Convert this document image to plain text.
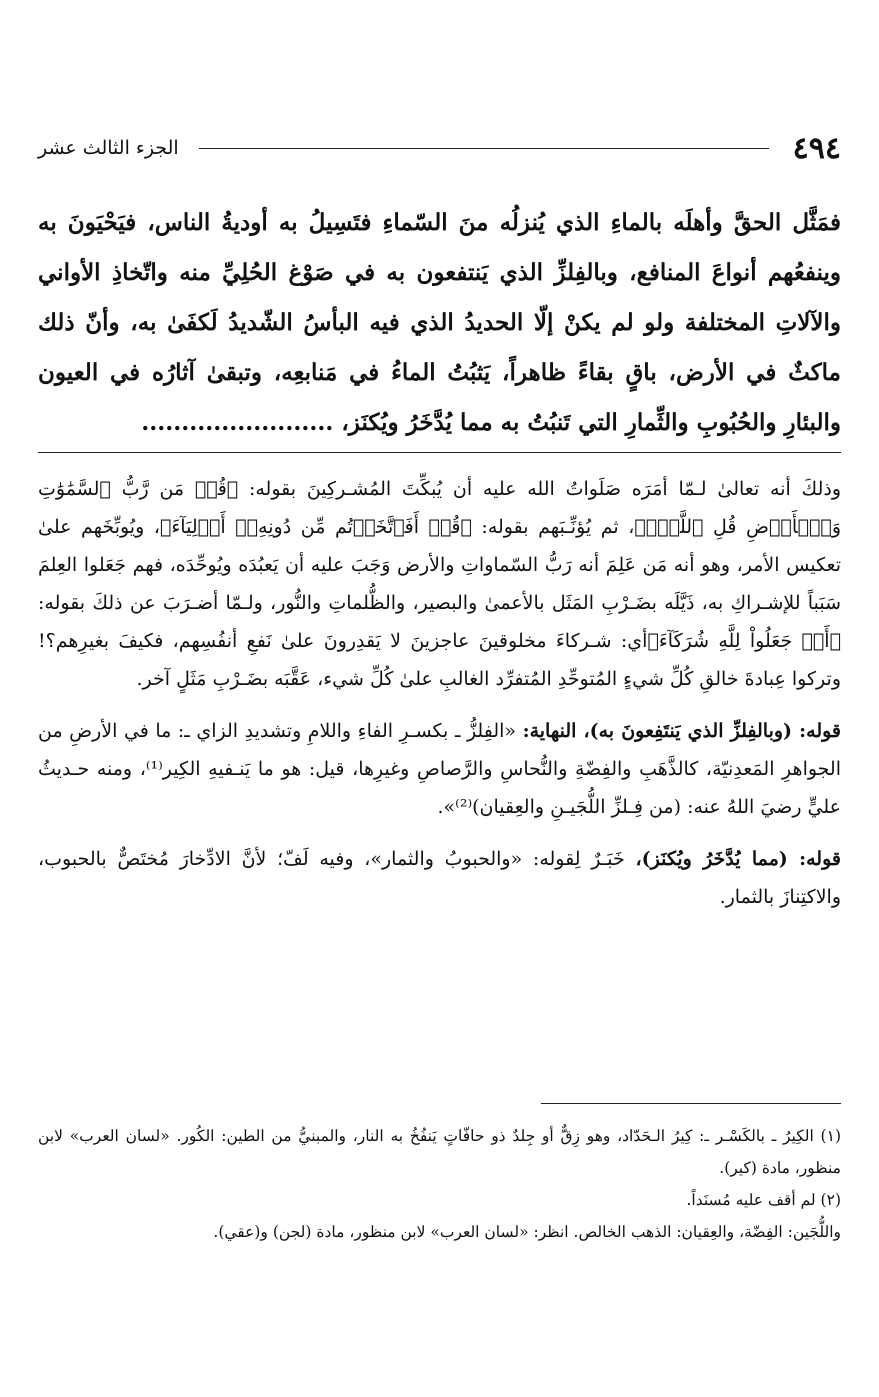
٤٩٤
الجزء الثالث عشر

فمَثَّل الحقَّ وأهلَه بالماءِ الذي يُنزلُه منَ السّماءِ فتَسِيلُ به أوديةُ الناس، فيَحْيَونَ به وينفعُهم أنواعَ المنافع، وبالفِلزِّ الذي يَنتفعون به في صَوْغ الحُلِيِّ منه واتّخاذِ الأواني والآلاتِ المختلفة ولو لم يكنْ إلّا الحديدُ الذي فيه البأسُ الشّديدُ لَكفَىٰ به، وأنّ ذلك ماكثٌ في الأرض، باقٍ بقاءً ظاهراً، يَثبُتُ الماءُ في مَنابعِه، وتبقىٰ آثارُه في العيون والبئارِ والحُبُوبِ والثِّمارِ التي تَنبُتُ به مما يُدَّخَرُ ويُكنَز، ........................

وذلكَ أنه تعالىٰ لـمّا أمَرَه صَلَواتُ الله عليه أن يُبكِّتَ المُشـركِينَ بقوله: ﴿قُلۡ مَن رَّبُّ ٱلسَّمَٰوَٰتِ وَٱلۡأَرۡضِ قُلِ ٱللَّهُۚ﴾، ثم يُؤنِّـبَهم بقوله: ﴿قُلۡ أَفَٱتَّخَذۡتُم مِّن دُونِهِۦٓ أَوۡلِيَآءَ﴾، ويُوبِّخَهم علىٰ تعكيس الأمر، وهو أنه مَن عَلِمَ أنه رَبُّ السّماواتِ والأرض وَجَبَ عليه أن يَعبُدَه ويُوحِّدَه، فهم جَعَلوا العِلمَ سَبَباً للإشـراكِ به، ذَيَّلَه بضَـرْبِ المَثَل بالأعمىٰ والبصير، والظُّلماتِ والنُّور، ولـمّا أضـرَبَ عن ذلكَ بقوله: ﴿أَمۡ جَعَلُواْ لِلَّهِ شُرَكَآءَ﴾أي: شـركاءَ مخلوقينَ عاجزينَ لا يَقدِرونَ علىٰ نَفعِ أنفُسِهم، فكيفَ بغيرِهم؟! وتركوا عِبادةَ خالقِ كُلِّ شيءٍ المُتوحِّدِ المُتفرِّد الغالبِ علىٰ كُلِّ شيء، عَقَّبَه بضَـرْبِ مَثَلٍ آخر.

قوله: (وبالفِلزِّ الذي يَنتَفِعونَ به)، النهاية: «الفِلزُّ ـ بكسـرِ الفاءِ واللامِ وتشديدِ الزاي ـ: ما في الأرضِ من الجواهرِ المَعدِنيّة، كالذَّهَبِ والفِضّةِ والنُّحاسِ والرَّصاصِ وغيرِها، قيل: هو ما يَنـفيهِ الكِير⁽¹⁾، ومنه حـديثُ عليٍّ رضيَ اللهُ عنه: (من فِـلزِّ اللُّجَيـنِ والعِقيان)⁽²⁾».

قوله: (مما يُدَّخَرُ ويُكنَز)، خَبَـرٌ لِقوله: «والحبوبُ والثمار»، وفيه لَفّ؛ لأنَّ الادِّخارَ مُختَصٌّ بالحبوب، والاكتِنازَ بالثمار.

(١) الكِيرُ ـ بالكَسْـر ـ: كِيرُ الـحَدّاد، وهو زِقٌّ أو جِلدٌ ذو حافّاتٍ يَنفُخُ به النار، والمبنيُّ من الطين: الكُور. «لسان العرب» لابن منظور، مادة (كير).

(٢) لم أقف عليه مُسنَداً.

واللُّجَين: الفِضّة، والعِقيان: الذهب الخالص. انظر: «لسان العرب» لابن منظور، مادة (لجن) و(عقي).
